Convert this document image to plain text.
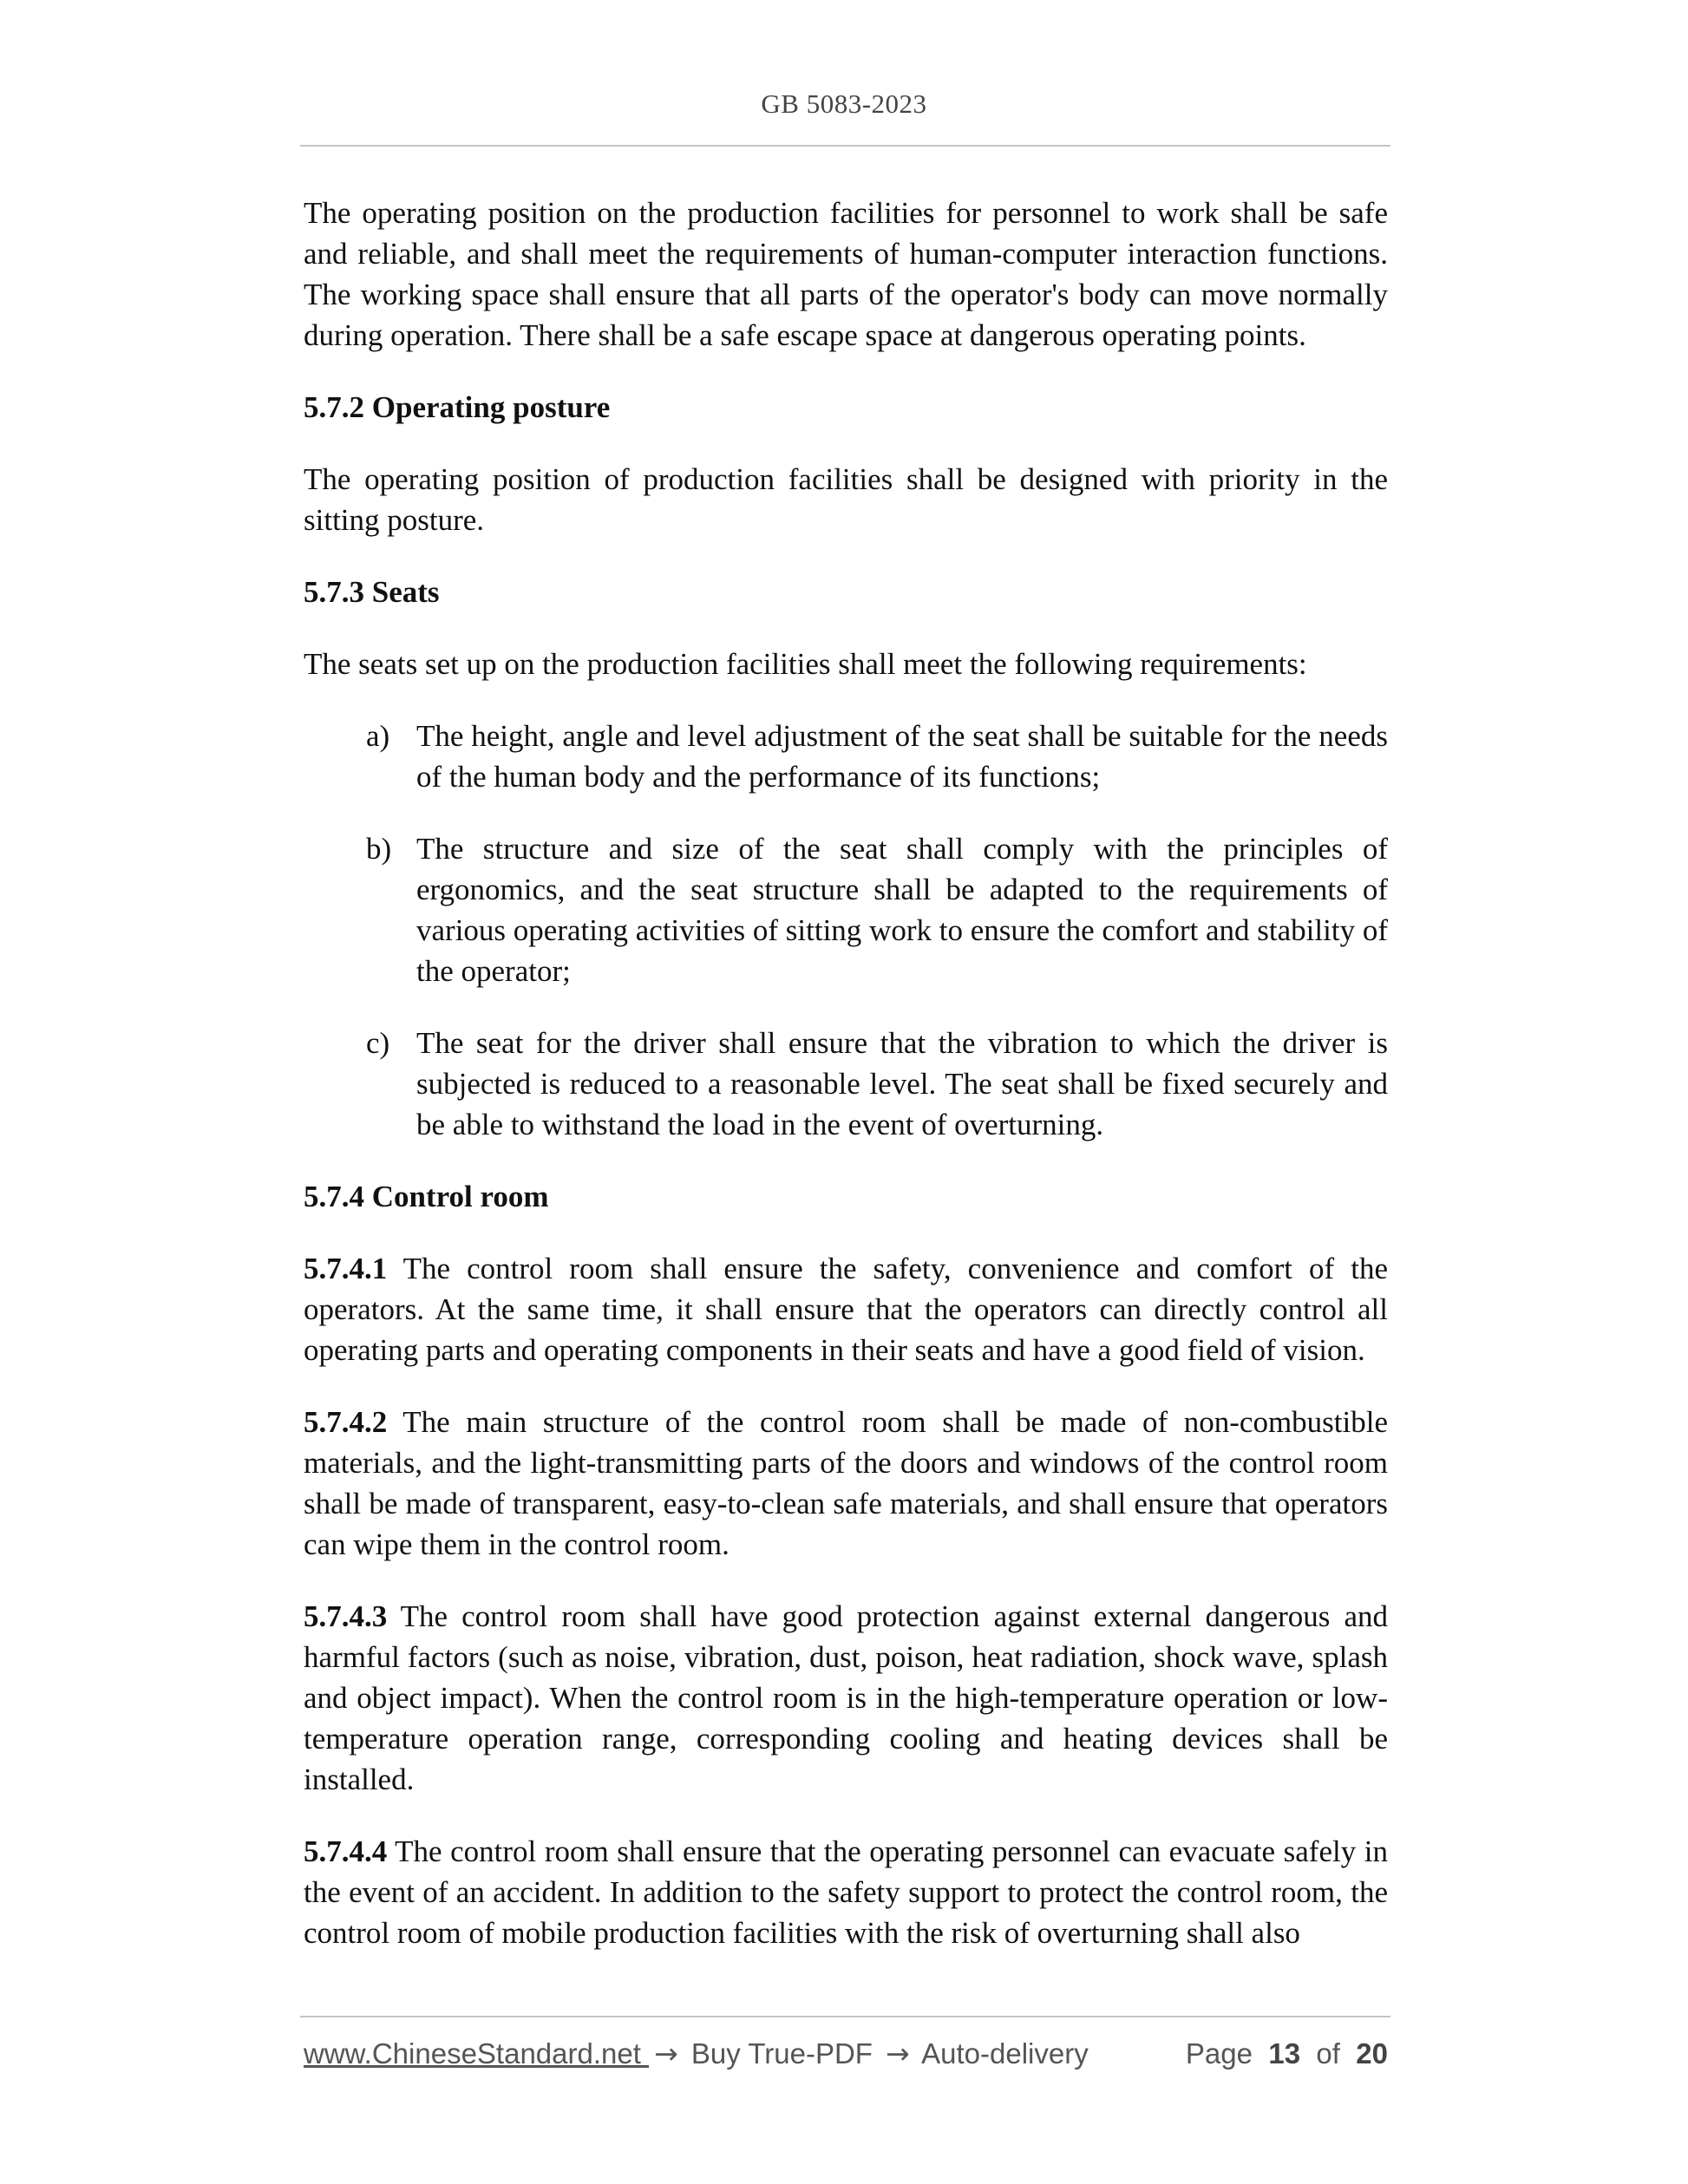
GB 5083-2023

The operating position on the production facilities for personnel to work shall be safe and reliable, and shall meet the requirements of human-computer interaction functions. The working space shall ensure that all parts of the operator's body can move normally during operation. There shall be a safe escape space at dangerous operating points.

5.7.2 Operating posture

The operating position of production facilities shall be designed with priority in the sitting posture.

5.7.3 Seats

The seats set up on the production facilities shall meet the following requirements:

a) The height, angle and level adjustment of the seat shall be suitable for the needs of the human body and the performance of its functions;
b) The structure and size of the seat shall comply with the principles of ergonomics, and the seat structure shall be adapted to the requirements of various operating activities of sitting work to ensure the comfort and stability of the operator;
c) The seat for the driver shall ensure that the vibration to which the driver is subjected is reduced to a reasonable level. The seat shall be fixed securely and be able to withstand the load in the event of overturning.
5.7.4 Control room

5.7.4.1 The control room shall ensure the safety, convenience and comfort of the operators. At the same time, it shall ensure that the operators can directly control all operating parts and operating components in their seats and have a good field of vision.

5.7.4.2 The main structure of the control room shall be made of non-combustible materials, and the light-transmitting parts of the doors and windows of the control room shall be made of transparent, easy-to-clean safe materials, and shall ensure that operators can wipe them in the control room.

5.7.4.3 The control room shall have good protection against external dangerous and harmful factors (such as noise, vibration, dust, poison, heat radiation, shock wave, splash and object impact). When the control room is in the high-temperature operation or low-temperature operation range, corresponding cooling and heating devices shall be installed.

5.7.4.4 The control room shall ensure that the operating personnel can evacuate safely in the event of an accident. In addition to the safety support to protect the control room, the control room of mobile production facilities with the risk of overturning shall also

www.ChineseStandard.net → Buy True-PDF → Auto-delivery	Page 13 of 20
